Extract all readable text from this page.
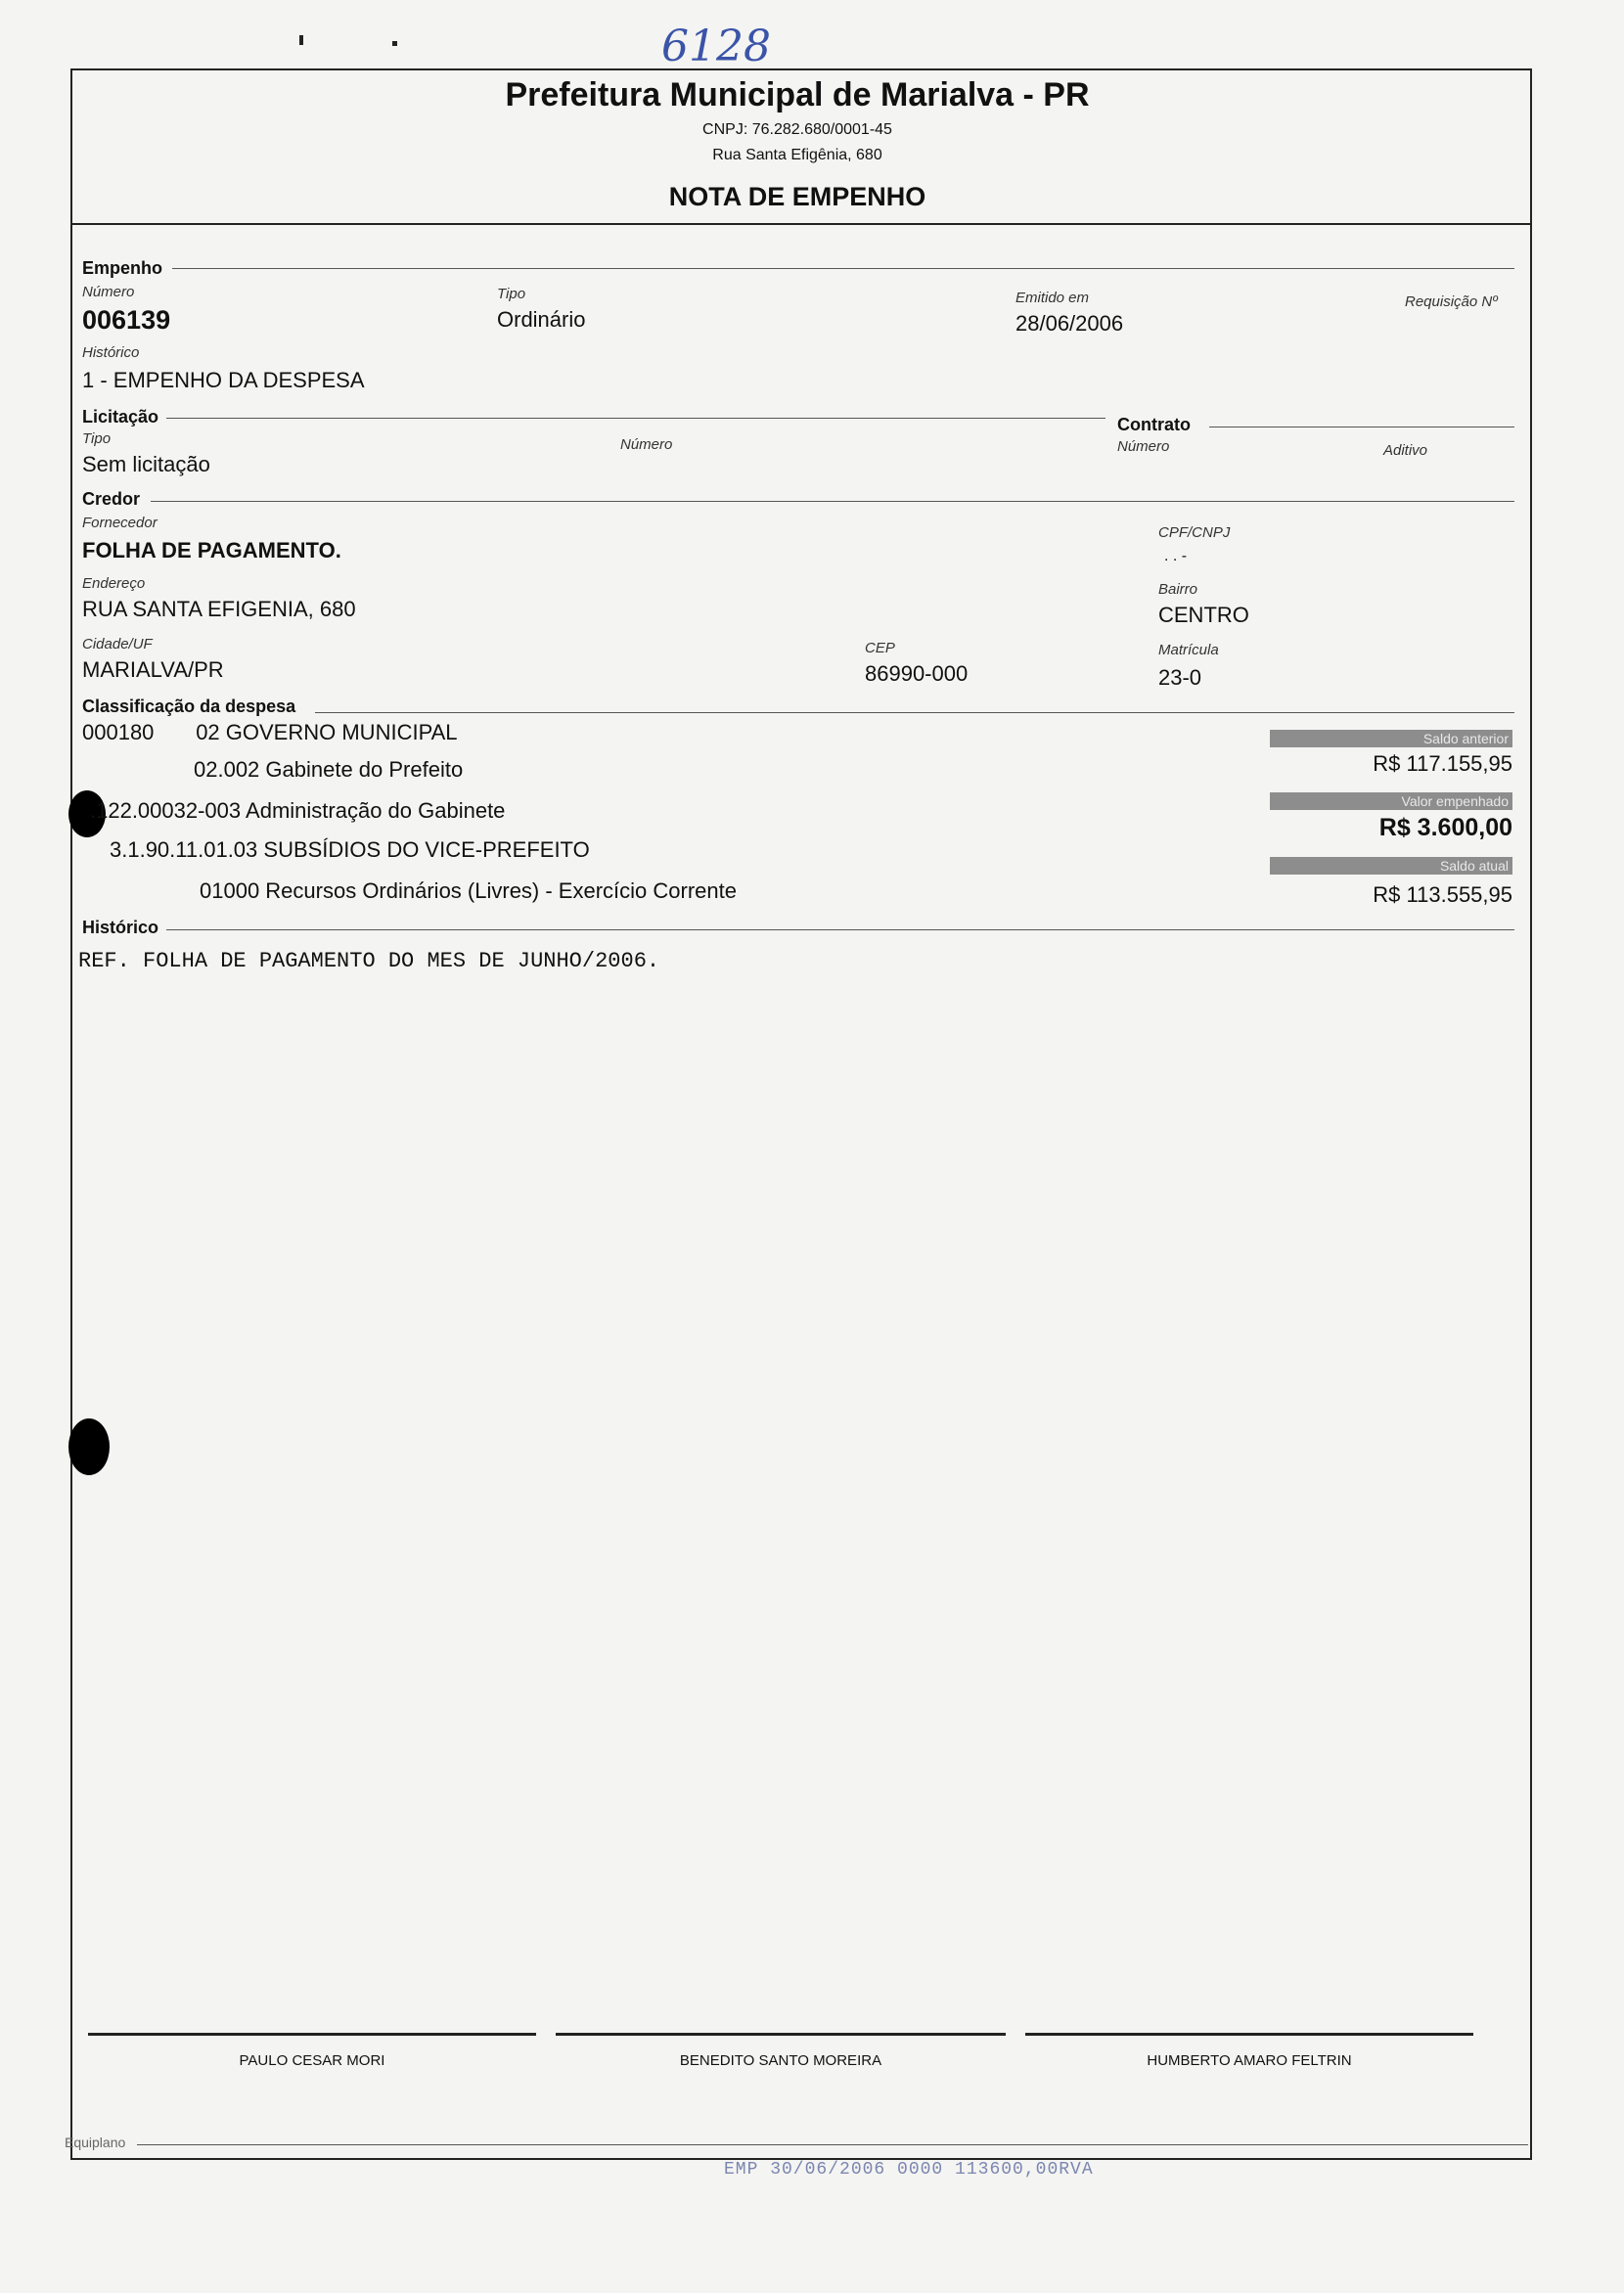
6128
Prefeitura Municipal de Marialva - PR
CNPJ: 76.282.680/0001-45
Rua Santa Efigênia, 680
NOTA DE EMPENHO
Empenho
Número
006139
Tipo
Ordinário
Emitido em
28/06/2006
Requisição Nº
Histórico
1 - EMPENHO DA DESPESA
Licitação
Tipo
Sem licitação
Número
Contrato
Número	Aditivo
Credor
Fornecedor
FOLHA DE PAGAMENTO.
CPF/CNPJ
. . -
Endereço
RUA SANTA EFIGENIA, 680
Bairro
CENTRO
Cidade/UF
MARIALVA/PR
CEP
86990-000
Matrícula
23-0
Classificação da despesa
000180       02 GOVERNO MUNICIPAL
02.002 Gabinete do Prefeito
.122.00032-003 Administração do Gabinete
3.1.90.11.01.03 SUBSÍDIOS DO VICE-PREFEITO
01000 Recursos Ordinários (Livres) - Exercício Corrente
Saldo anterior
R$ 117.155,95
Valor empenhado
R$ 3.600,00
Saldo atual
R$ 113.555,95
Histórico
REF. FOLHA DE PAGAMENTO DO MES DE JUNHO/2006.
PAULO CESAR MORI	BENEDITO SANTO MOREIRA	HUMBERTO AMARO FELTRIN
Equiplano
EMP 30/06/2006 0000 113600,00RVA
